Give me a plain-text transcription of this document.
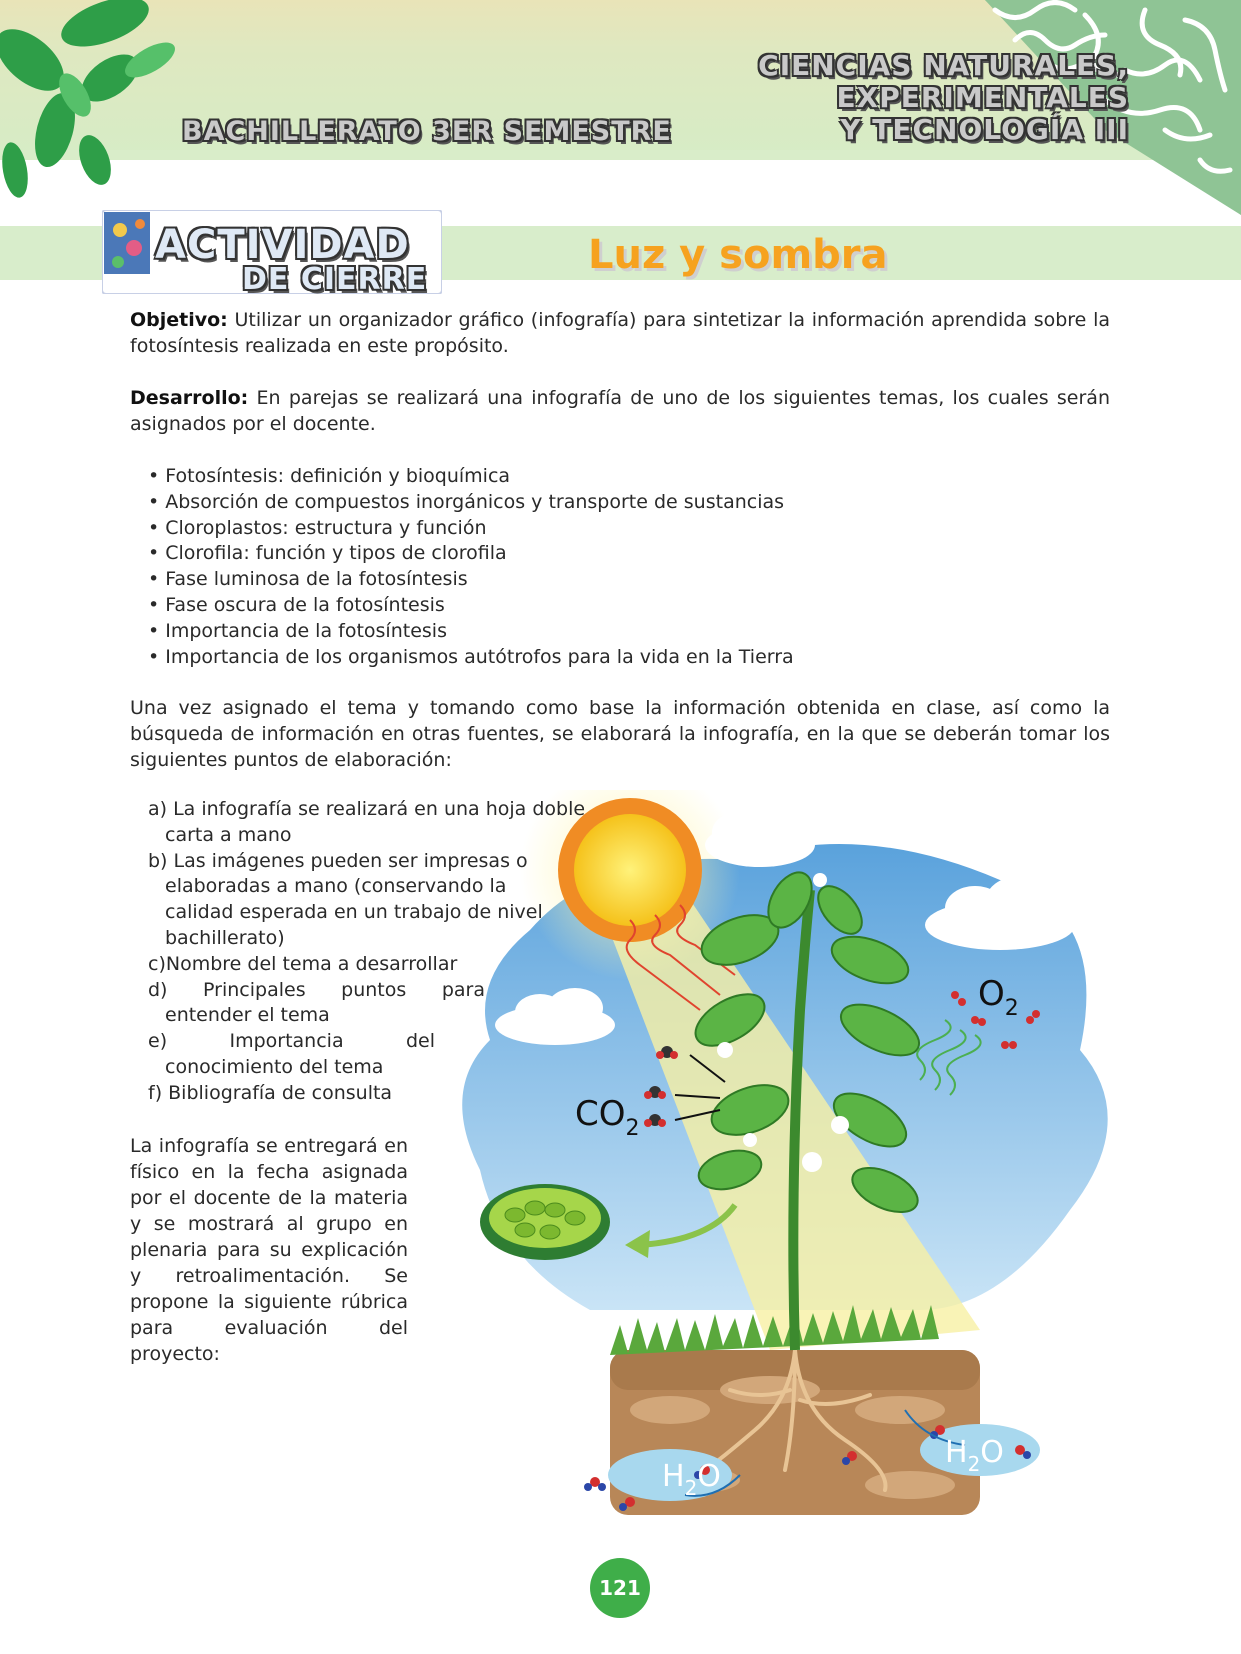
BACHILLERATO 3ER SEMESTRE
CIENCIAS NATURALES,
EXPERIMENTALES
Y TECNOLOGÍA III
ACTIVIDAD
DE CIERRE
Luz y sombra
Objetivo: Utilizar un organizador gráfico (infografía) para sintetizar la información aprendida sobre la fotosíntesis realizada en este propósito.
Desarrollo: En parejas se realizará una infografía de uno de los siguientes temas, los cuales serán asignados por el docente.
• Fotosíntesis: definición y bioquímica
• Absorción de compuestos inorgánicos y transporte de sustancias
• Cloroplastos: estructura y función
• Clorofila: función y tipos de clorofila
• Fase luminosa de la fotosíntesis
• Fase oscura de la fotosíntesis
• Importancia de la fotosíntesis
• Importancia de los organismos autótrofos para la vida en la Tierra
Una vez asignado el tema y tomando como base la información obtenida en clase, así como la búsqueda de información en otras fuentes, se elaborará la infografía, en la que se deberán tomar los siguientes puntos de elaboración:
$CO_2$
$O_2$
$H_2O$
$H_2O$
a) La infografía se realizará en una hoja doble carta a mano
b) Las imágenes pueden ser impresas o elaboradas a mano (conservando la calidad esperada en un trabajo de nivel bachillerato)
c)Nombre del tema a desarrollar
d) Principales puntos para entender el tema
e) Importancia del conocimiento del tema
f) Bibliografía de consulta
La infografía se entregará en físico en la fecha asignada por el docente de la materia y se mostrará al grupo en plenaria para su explicación y retroalimentación. Se propone la siguiente rúbrica para evaluación del proyecto:
121
